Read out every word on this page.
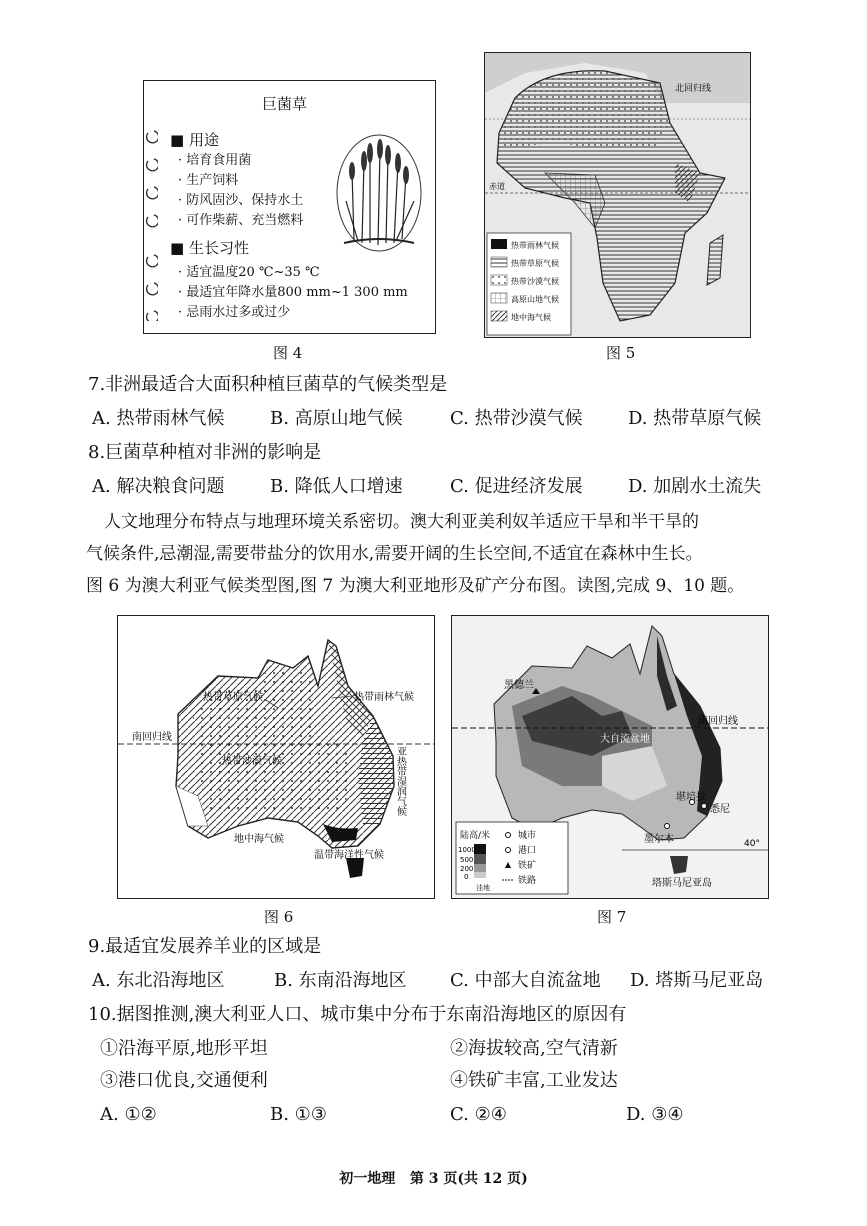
巨菌草
■ 用途
· 培育食用菌
· 生产饲料
· 防风固沙、保持水土
· 可作柴薪、充当燃料
■ 生长习性
· 适宜温度20 ℃~35 ℃
· 最适宜年降水量800 mm~1 300 mm
· 忌雨水过多或过少
图 4
北回归线
赤道
热带雨林气候
热带草原气候
热带沙漠气候
高原山地气候
地中海气候
图 5
7.非洲最适合大面积种植巨菌草的气候类型是
A. 热带雨林气候	B. 高原山地气候	C. 热带沙漠气候	D. 热带草原气候
8.巨菌草种植对非洲的影响是
A. 解决粮食问题	B. 降低人口增速	C. 促进经济发展	D. 加剧水土流失
人文地理分布特点与地理环境关系密切。澳大利亚美利奴羊适应干旱和半干旱的
气候条件,忌潮湿,需要带盐分的饮用水,需要开阔的生长空间,不适宜在森林中生长。
图 6 为澳大利亚气候类型图,图 7 为澳大利亚地形及矿产分布图。读图,完成 9、10 题。
热带草原气候	热带雨林气候
南回归线
热带沙漠气候	亚热带湿润气候
地中海气候
温带海洋性气候
图 6
黑德兰
大自流盆地
南回归线
悉尼
堪培拉
墨尔本
塔斯马尼亚岛
40°
陆高/米
1000
500
200
0
洼地
城市
港口
铁矿
铁路
图 7
9.最适宜发展养羊业的区域是
A. 东北沿海地区	B. 东南沿海地区 C. 中部大自流盆地 D. 塔斯马尼亚岛
10.据图推测,澳大利亚人口、城市集中分布于东南沿海地区的原因有
①沿海平原,地形平坦	②海拔较高,空气清新
③港口优良,交通便利	④铁矿丰富,工业发达
A. ①②	B. ①③	C. ②④	D. ③④
初一地理   第 3 页(共 12 页)
